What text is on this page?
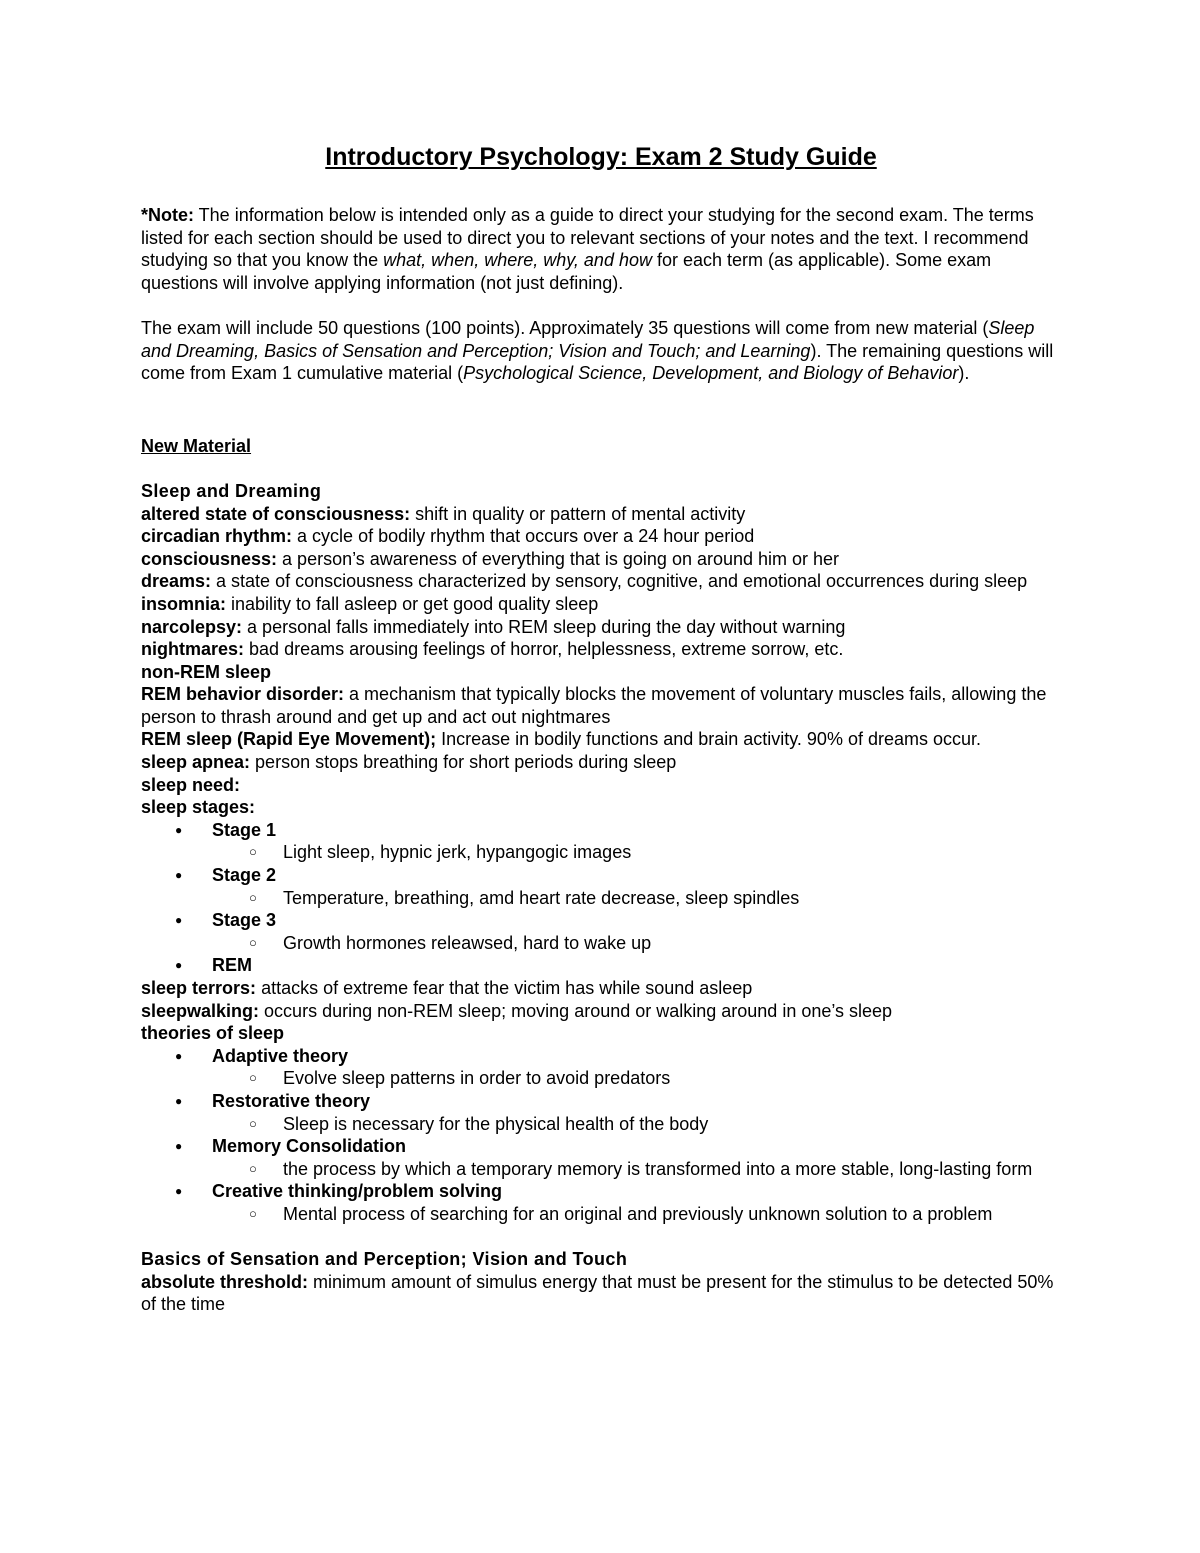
Introductory Psychology: Exam 2 Study Guide

*Note: The information below is intended only as a guide to direct your studying for the second exam. The terms listed for each section should be used to direct you to relevant sections of your notes and the text. I recommend studying so that you know the what, when, where, why, and how for each term (as applicable). Some exam questions will involve applying information (not just defining).

The exam will include 50 questions (100 points). Approximately 35 questions will come from new material (Sleep and Dreaming, Basics of Sensation and Perception; Vision and Touch; and Learning). The remaining questions will come from Exam 1 cumulative material (Psychological Science, Development, and Biology of Behavior).

New Material

Sleep and Dreaming

altered state of consciousness: shift in quality or pattern of mental activity

circadian rhythm: a cycle of bodily rhythm that occurs over a 24 hour period

consciousness: a person’s awareness of everything that is going on around him or her

dreams: a state of consciousness characterized by sensory, cognitive, and emotional occurrences during sleep

insomnia: inability to fall asleep or get good quality sleep

narcolepsy: a personal falls immediately into REM sleep during the day without warning

nightmares: bad dreams arousing feelings of horror, helplessness, extreme sorrow, etc.

non-REM sleep

REM behavior disorder: a mechanism that typically blocks the movement of voluntary muscles fails, allowing the person to thrash around and get up and act out nightmares

REM sleep (Rapid Eye Movement); Increase in bodily functions and brain activity. 90% of dreams occur.

sleep apnea: person stops breathing for short periods during sleep

sleep need:

sleep stages:

● Stage 1
○ Light sleep, hypnic jerk, hypangogic images
● Stage 2
○ Temperature, breathing, amd heart rate decrease, sleep spindles
● Stage 3
○ Growth hormones releawsed, hard to wake up
● REM

sleep terrors: attacks of extreme fear that the victim has while sound asleep

sleepwalking: occurs during non-REM sleep; moving around or walking around in one’s sleep

theories of sleep

● Adaptive theory
○ Evolve sleep patterns in order to avoid predators
● Restorative theory
○ Sleep is necessary for the physical health of the body
● Memory Consolidation
○ the process by which a temporary memory is transformed into a more stable, long-lasting form
● Creative thinking/problem solving
○ Mental process of searching for an original and previously unknown solution to a problem

Basics of Sensation and Perception; Vision and Touch

absolute threshold: minimum amount of simulus energy that must be present for the stimulus to be detected 50% of the time
